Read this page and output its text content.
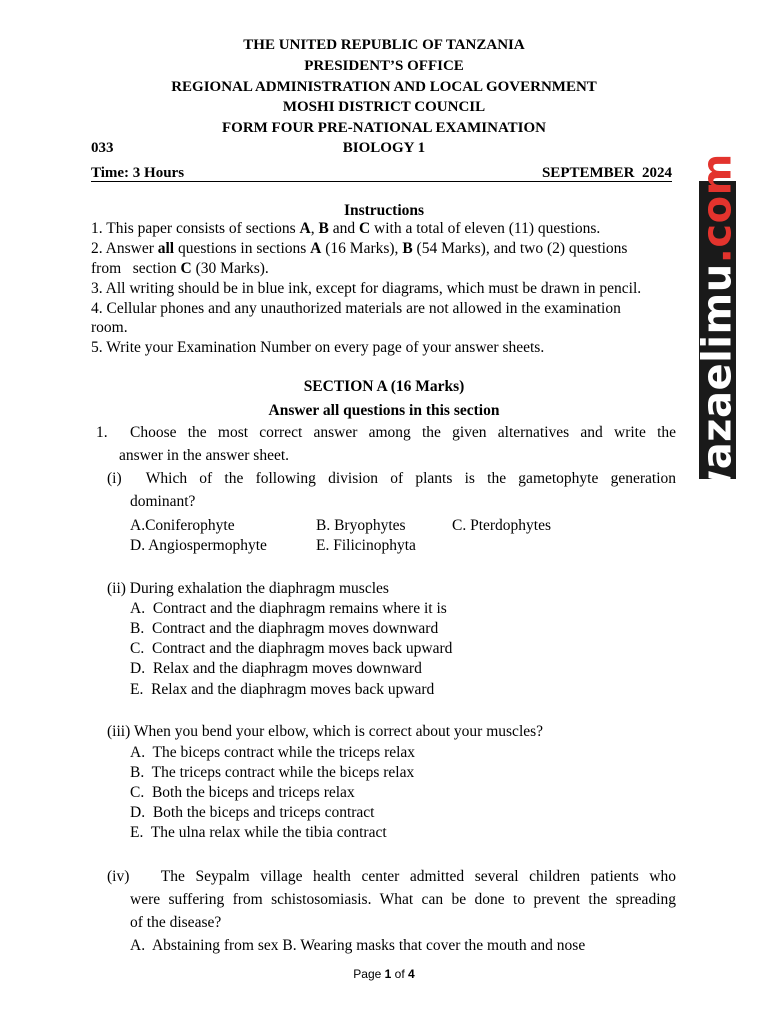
THE UNITED REPUBLIC OF TANZANIA
PRESIDENT’S OFFICE
REGIONAL ADMINISTRATION AND LOCAL GOVERNMENT
MOSHI DISTRICT COUNCIL
FORM FOUR PRE-NATIONAL EXAMINATION
033	BIOLOGY 1
Time: 3 Hours	SEPTEMBER  2024
wazaelimu.com
Instructions
1. This paper consists of sections A, B and C with a total of eleven (11) questions.
2. Answer all questions in sections A (16 Marks), B (54 Marks), and two (2) questions
from   section C (30 Marks).
3. All writing should be in blue ink, except for diagrams, which must be drawn in pencil.
4. Cellular phones and any unauthorized materials are not allowed in the examination
room.
5. Write your Examination Number on every page of your answer sheets.
SECTION A (16 Marks)
Answer all questions in this section
1.  Choose the most correct answer among the given alternatives and write the
answer in the answer sheet.
(i)  Which of the following division of plants is the gametophyte generation
dominant?
A.Coniferophyte	B. Bryophytes	C. Pterdophytes
D. Angiospermophyte	E. Filicinophyta
(ii) During exhalation the diaphragm muscles
A.  Contract and the diaphragm remains where it is
B.  Contract and the diaphragm moves downward
C.  Contract and the diaphragm moves back upward
D.  Relax and the diaphragm moves downward
E.  Relax and the diaphragm moves back upward
(iii) When you bend your elbow, which is correct about your muscles?
A.  The biceps contract while the triceps relax
B.  The triceps contract while the biceps relax
C.  Both the biceps and triceps relax
D.  Both the biceps and triceps contract
E.  The ulna relax while the tibia contract
(iv)   The Seypalm village health center admitted several children patients who
were suffering from schistosomiasis. What can be done to prevent the spreading
of the disease?
A.  Abstaining from sex B. Wearing masks that cover the mouth and nose
Page 1 of 4
